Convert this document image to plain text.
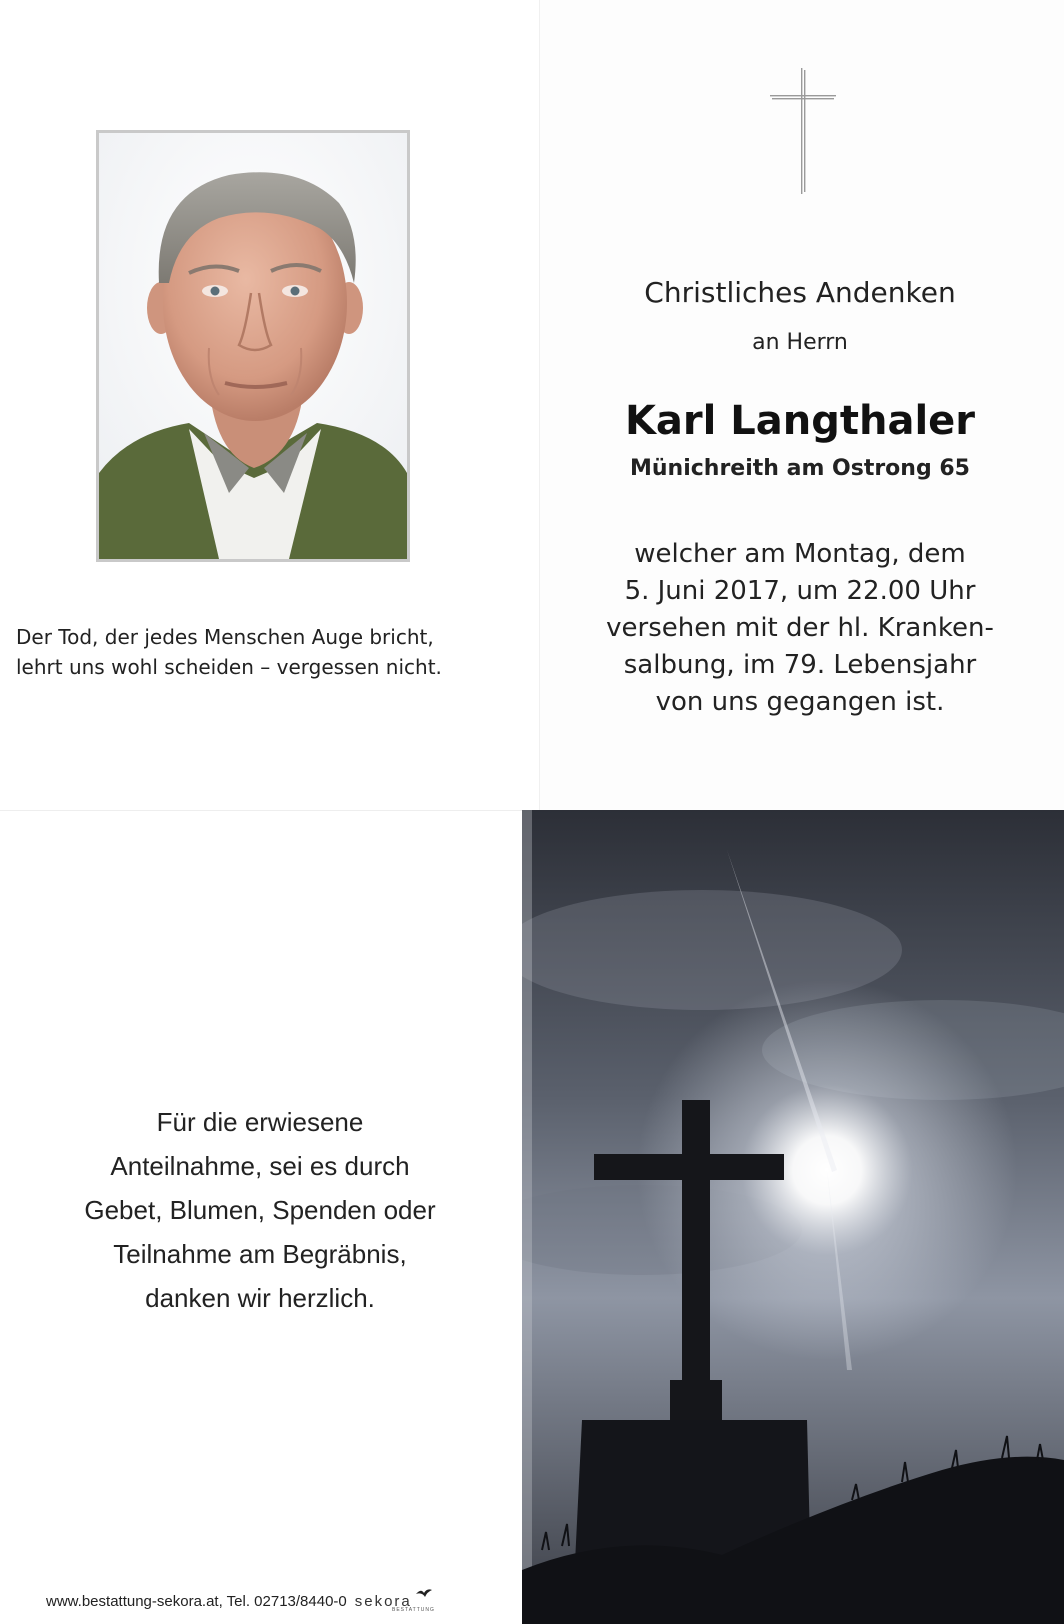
Der Tod, der jedes Menschen Auge bricht,
lehrt uns wohl scheiden – vergessen nicht.
Christliches Andenken
an Herrn
Karl Langthaler
Münichreith am Ostrong 65
welcher am Montag, dem
5. Juni 2017, um 22.00 Uhr
versehen mit der hl. Kranken-
salbung, im 79. Lebensjahr
von uns gegangen ist.
Für die erwiesene
Anteilnahme, sei es durch
Gebet, Blumen, Spenden oder
Teilnahme am Begräbnis,
danken wir herzlich.
www.bestattung-sekora.at, Tel. 02713/8440-0 sekora
BESTATTUNG
